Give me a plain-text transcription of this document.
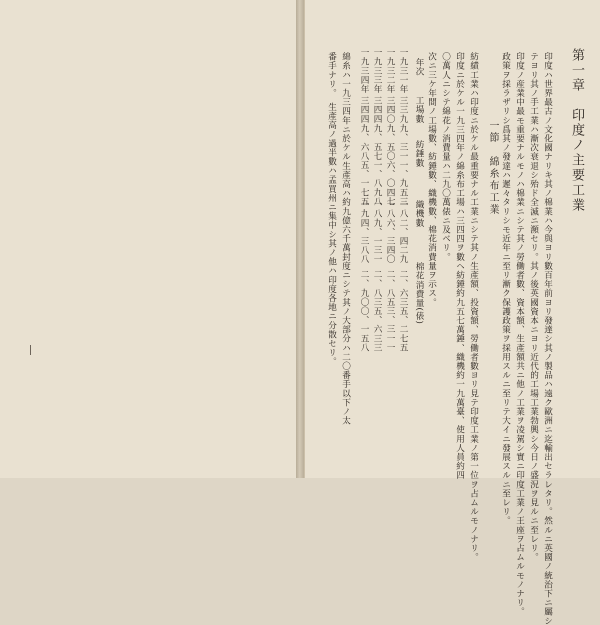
第一章　印度ノ主要工業
印度ハ世界最古ノ文化國ナリキ其ノ棉業ハ今與ヨリ數百年前ヨリ發達シ其ノ製品ハ遠ク歐洲ニ迄輸出セラレタリ。然ルニ英國ノ統治下ニ屬シ
テヨリ其ノ手工業ハ漸次衰退シ殆ド全滅ニ瀕セリ。其ノ後英國資本ニヨリ近代的工場工業勃興シ今日ノ盛況ヲ見ルニ至レリ。
印度ノ産業中最モ重要ナルモノハ棉業ニシテ其ノ勞働者數、資本額、生產額共ニ他ノ工業ヲ凌駕シ實ニ印度工業ノ王座ヲ占ムルモノナリ。
政策ヲ採ラザリシ爲其ノ發達ハ遲々タリシモ近年ニ至リ漸ク保護政策ヲ採用スルニ至リテ大イニ發展スルニ至レリ。
一節　綿糸布工業
紡績工業ハ印度ニ於ケル最重要ナル工業ニシテ其ノ生產額、投資額、勞働者數ヨリ見テ印度工業ノ第一位ヲ占ムルモノナリ。
印度ニ於ケル一九三四年ノ綿糸布工場ハ三四四ヲ數ヘ紡錘約九五七萬錘、織機約一九萬臺、使用人員約四
〇萬人ニシテ綿花ノ消費量ハ二九〇萬俵ニ及ベリ。
次ニ三ケ年間ノ工場數、紡錘數、織機數、棉花消費量ヲ示ス。
年次
工場數
紡錘數
織機數
棉花消費量(俵)
一九三一年
三三九
九、三一一、九五三
一八二、四二九
二、六三五、二七五
一九三二年
三四〇
九、五〇六、〇四七
一八六、三四〇
二、八五三、三一一
一九三三年
三四四
九、五七一、八九八
一八九、一三一
二、八三五、六三三
一九三四年
三四四
九、六八五、一七五
一九四、三八八
二、九〇〇、一五八
綿糸ハ一九三四年ニ於ケル生產高ハ約九億六千萬封度ニシテ其ノ大部分ハ二〇番手以下ノ太
番手ナリ。　生產高ノ過半數ハ孟買州ニ集中シ其ノ他ハ印度各地ニ分散セリ。
